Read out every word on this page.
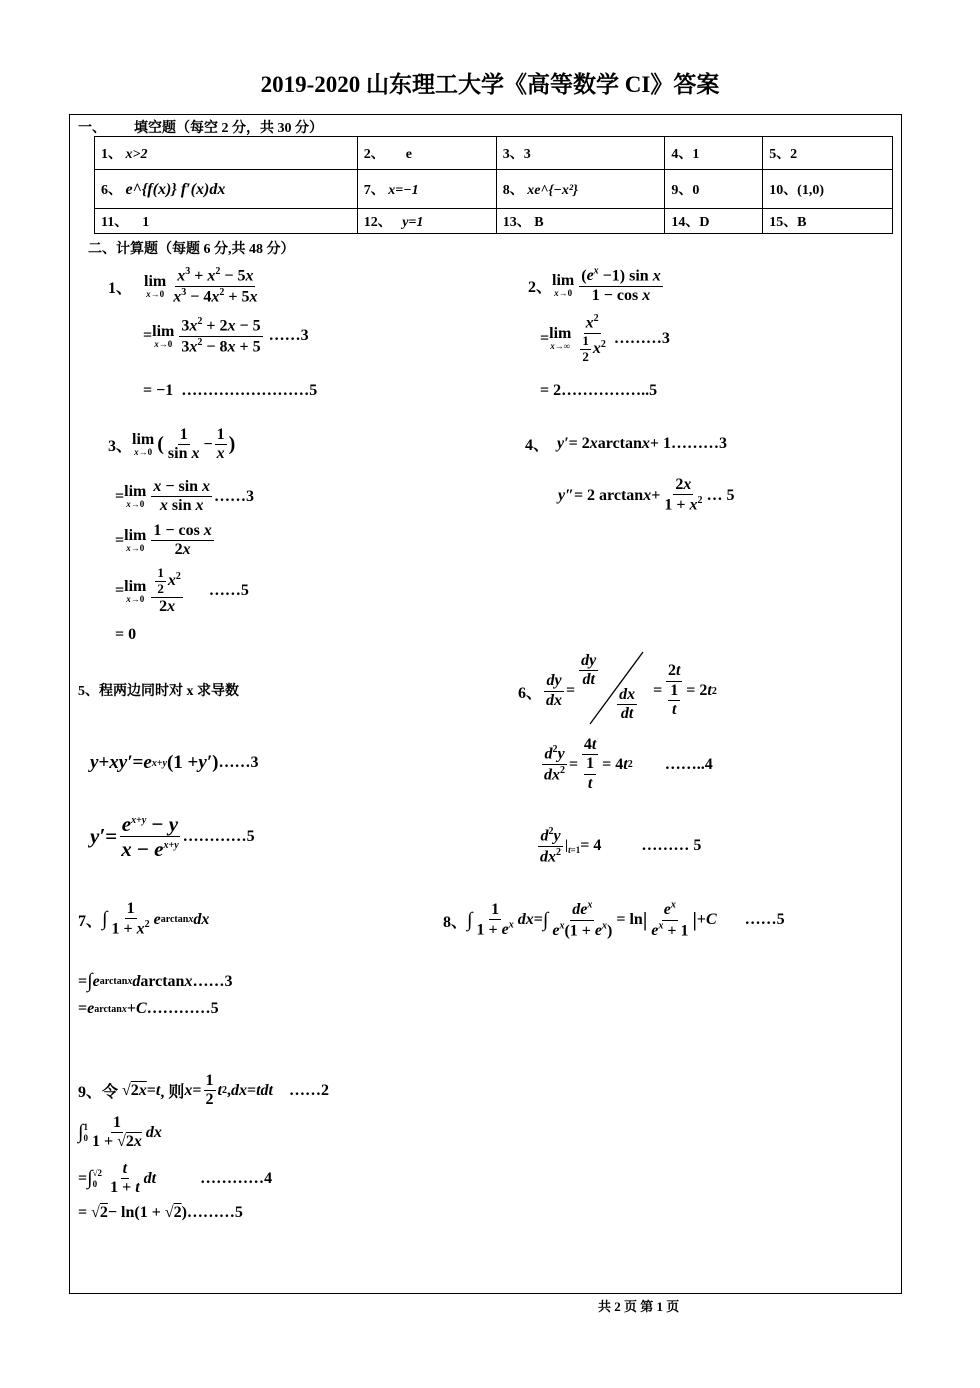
2019-2020 山东理工大学《高等数学 CI》答案
一、 填空题（每空 2 分，共 30 分）
1、 x>2	2、 e	3、3	4、1	5、2
6、 e^{f(x)} f′(x)dx	7、 x=−1	8、 xe^{−x²}	9、0	10、(1,0)
11、 1	12、 y=1	13、 B	14、D	15、B
二、计算题（每题 6 分,共 48 分）
1、
lim
x→0
$x^3 + x^2 - 5x$
$x^3 - 4x^2 + 5x$
= lim
x→0
$3x^2 + 2x - 5$
$3x^2 - 8x + 5$

……3
= −1 ……………………5
2、 lim
x→0
$(e^x -1)$ sin x
1 − cos x
= lim
x→∞
$x^2$
$\frac{1}{2} x^2$
………3
= 2 ……………..5
3、 lim
x→0 ( 1
sin x
−
1
x )
= lim
x→0
x − sin x
x sin x
……3
= lim
x→0
1 − cos x
2x
= lim
x→0
$\frac{1}{2} x^2$
2x

……5
= 0
4、
y′ = 2 x arctan x + 1 ………3
y″ = 2 arctan x +
2x
$1 + x^2$ … 5
5、程两边同时对 x 求导数
y + xy′ = e x+y (1 + y′ ) ……3
y′ =
$e^{x+y} - y$
$x - e^{x+y}$
…………5
6、
dy
dx
=
dy
dt
dx
dt
=
2t
$\frac{1}{t} = 2$ t 2
$d^2y$
$dx^2$ =
4t
$\frac{1}{t} = 4$ t 2
……..4
$d^2y$
$dx^2$ $|_{t=1} = 4$ ……… 5
7、 ∫ 1
$1 + x^2$ e arctanx dx
= ∫ e arctanx d arctan x ……3
= e arctanx + C …………5
8、 ∫ 1
$1 + e^x$ dx = ∫ $de^x$
$e^x(1 + e^x)$
= ln | $e^x$
$e^x + 1$ | + C
……5
9、令 √ 2x = t , 则 x =
1
2
t 2 , dx = tdt
……2
∫ 1
0
1
1 + √2x
dx
= ∫ √2
0

t
1 + t
dt
	…………4
= √ 2 − ln(1 + √ 2 ) ………5
共 2 页 第 1 页
